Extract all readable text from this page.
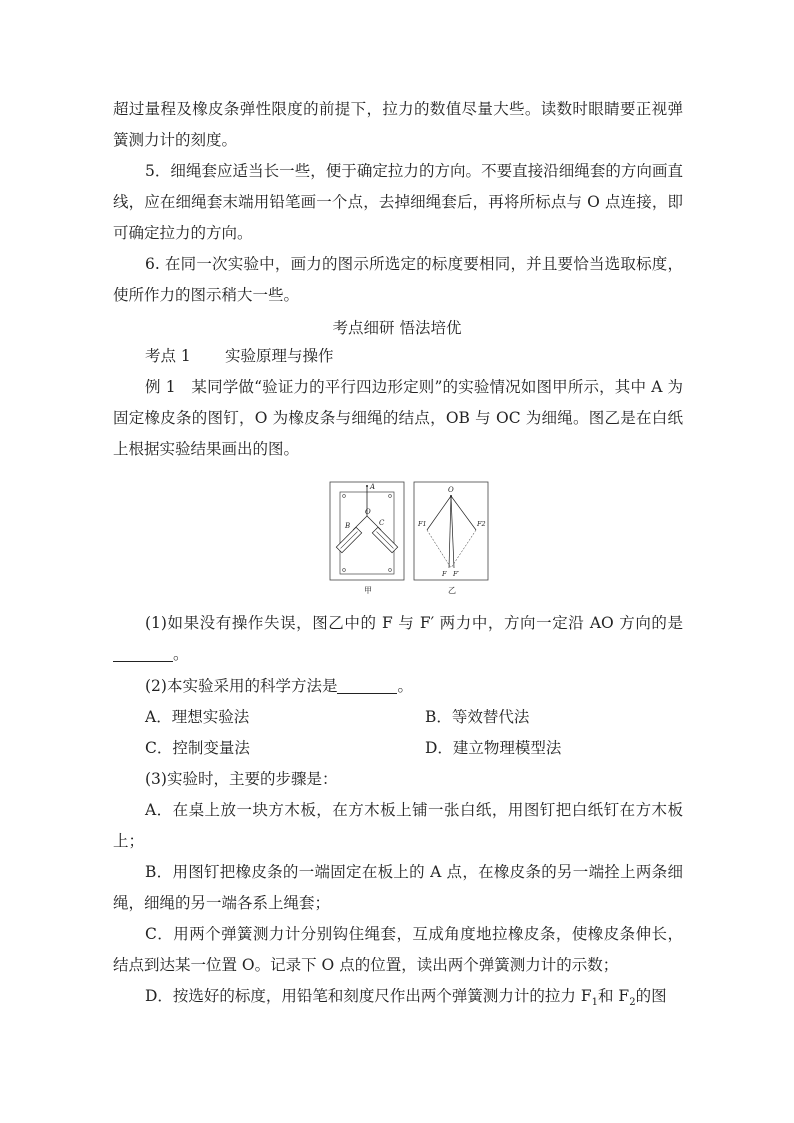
超过量程及橡皮条弹性限度的前提下，拉力的数值尽量大些。读数时眼睛要正视弹簧测力计的刻度。
5．细绳套应适当长一些，便于确定拉力的方向。不要直接沿细绳套的方向画直线，应在细绳套末端用铅笔画一个点，去掉细绳套后，再将所标点与 O 点连接，即可确定拉力的方向。
6. 在同一次实验中，画力的图示所选定的标度要相同，并且要恰当选取标度，使所作力的图示稍大一些。
考点细研 悟法培优
考点 1 实验原理与操作
例 1　某同学做“验证力的平行四边形定则”的实验情况如图甲所示，其中 A 为固定橡皮条的图钉，O 为橡皮条与细绳的结点，OB 与 OC 为细绳。图乙是在白纸上根据实验结果画出的图。
A
O
B	C
甲
O
F1	F2
F F′
乙
(1)如果没有操作失误，图乙中的 F 与 F′ 两力中，方向一定沿 AO 方向的是。
(2)本实验采用的科学方法是	。
A．理想实验法	B．等效替代法
C．控制变量法	D．建立物理模型法
(3)实验时，主要的步骤是：
A．在桌上放一块方木板，在方木板上铺一张白纸，用图钉把白纸钉在方木板上；
B．用图钉把橡皮条的一端固定在板上的 A 点，在橡皮条的另一端拴上两条细绳，细绳的另一端各系上绳套；
C．用两个弹簧测力计分别钩住绳套，互成角度地拉橡皮条，使橡皮条伸长，结点到达某一位置 O。记录下 O 点的位置，读出两个弹簧测力计的示数；
D．按选好的标度，用铅笔和刻度尺作出两个弹簧测力计的拉力 $F_1$和 $F_2$的图
